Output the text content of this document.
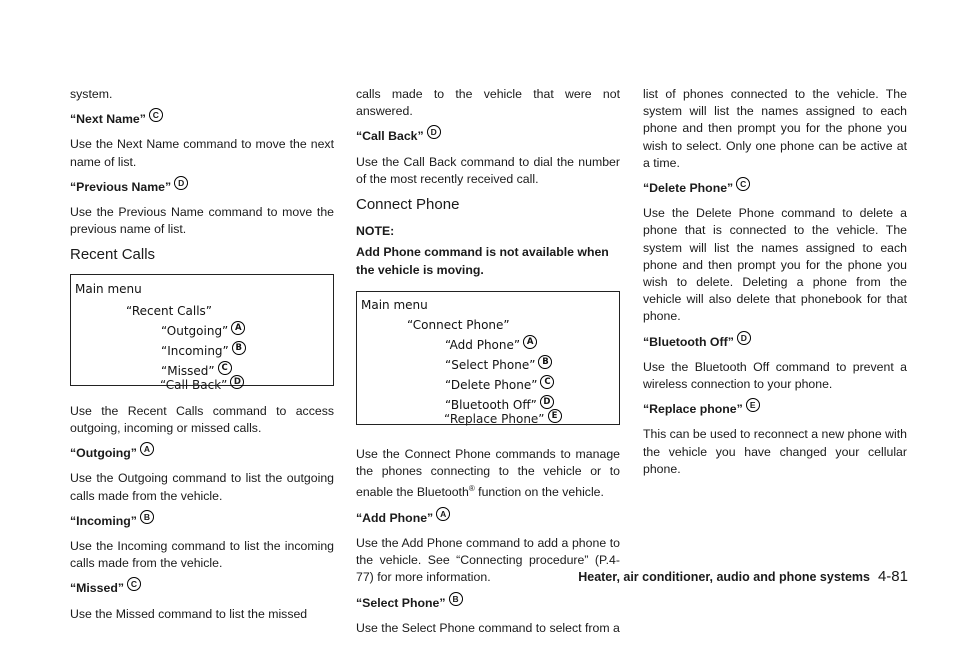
system.

“Next Name” C

Use the Next Name command to move the next name of list.

“Previous Name” D

Use the Previous Name command to move the previous name of list.

Recent Calls
Main menu
“Recent Calls”
“Outgoing” A
“Incoming” B
“Missed” C

“Call Back” D

Use the Recent Calls command to access outgoing, incoming or missed calls.

“Outgoing” A

Use the Outgoing command to list the outgoing calls made from the vehicle.

“Incoming” B

Use the Incoming command to list the incoming calls made from the vehicle.

“Missed” C

Use the Missed command to list the missed

calls made to the vehicle that were not answered.

“Call Back” D

Use the Call Back command to dial the number of the most recently received call.

Connect Phone

NOTE:

Add Phone command is not available when the vehicle is moving.

Main menu
“Connect Phone”
“Add Phone” A
“Select Phone” B
“Delete Phone” C
“Bluetooth Off” D

“Replace Phone” E

Use the Connect Phone commands to manage the phones connecting to the vehicle or to enable the Bluetooth® function on the vehicle.

“Add Phone” A

Use the Add Phone command to add a phone to the vehicle. See “Connecting procedure” (P.4-77) for more information.

“Select Phone” B

Use the Select Phone command to select from a

list of phones connected to the vehicle. The system will list the names assigned to each phone and then prompt you for the phone you wish to select. Only one phone can be active at a time.

“Delete Phone” C

Use the Delete Phone command to delete a phone that is connected to the vehicle. The system will list the names assigned to each phone and then prompt you for the phone you wish to delete. Deleting a phone from the vehicle will also delete that phonebook for that phone.

“Bluetooth Off” D

Use the Bluetooth Off command to prevent a wireless connection to your phone.

“Replace phone” E

This can be used to reconnect a new phone with the vehicle you have changed your cellular phone.

Heater, air conditioner, audio and phone systems 4-81
